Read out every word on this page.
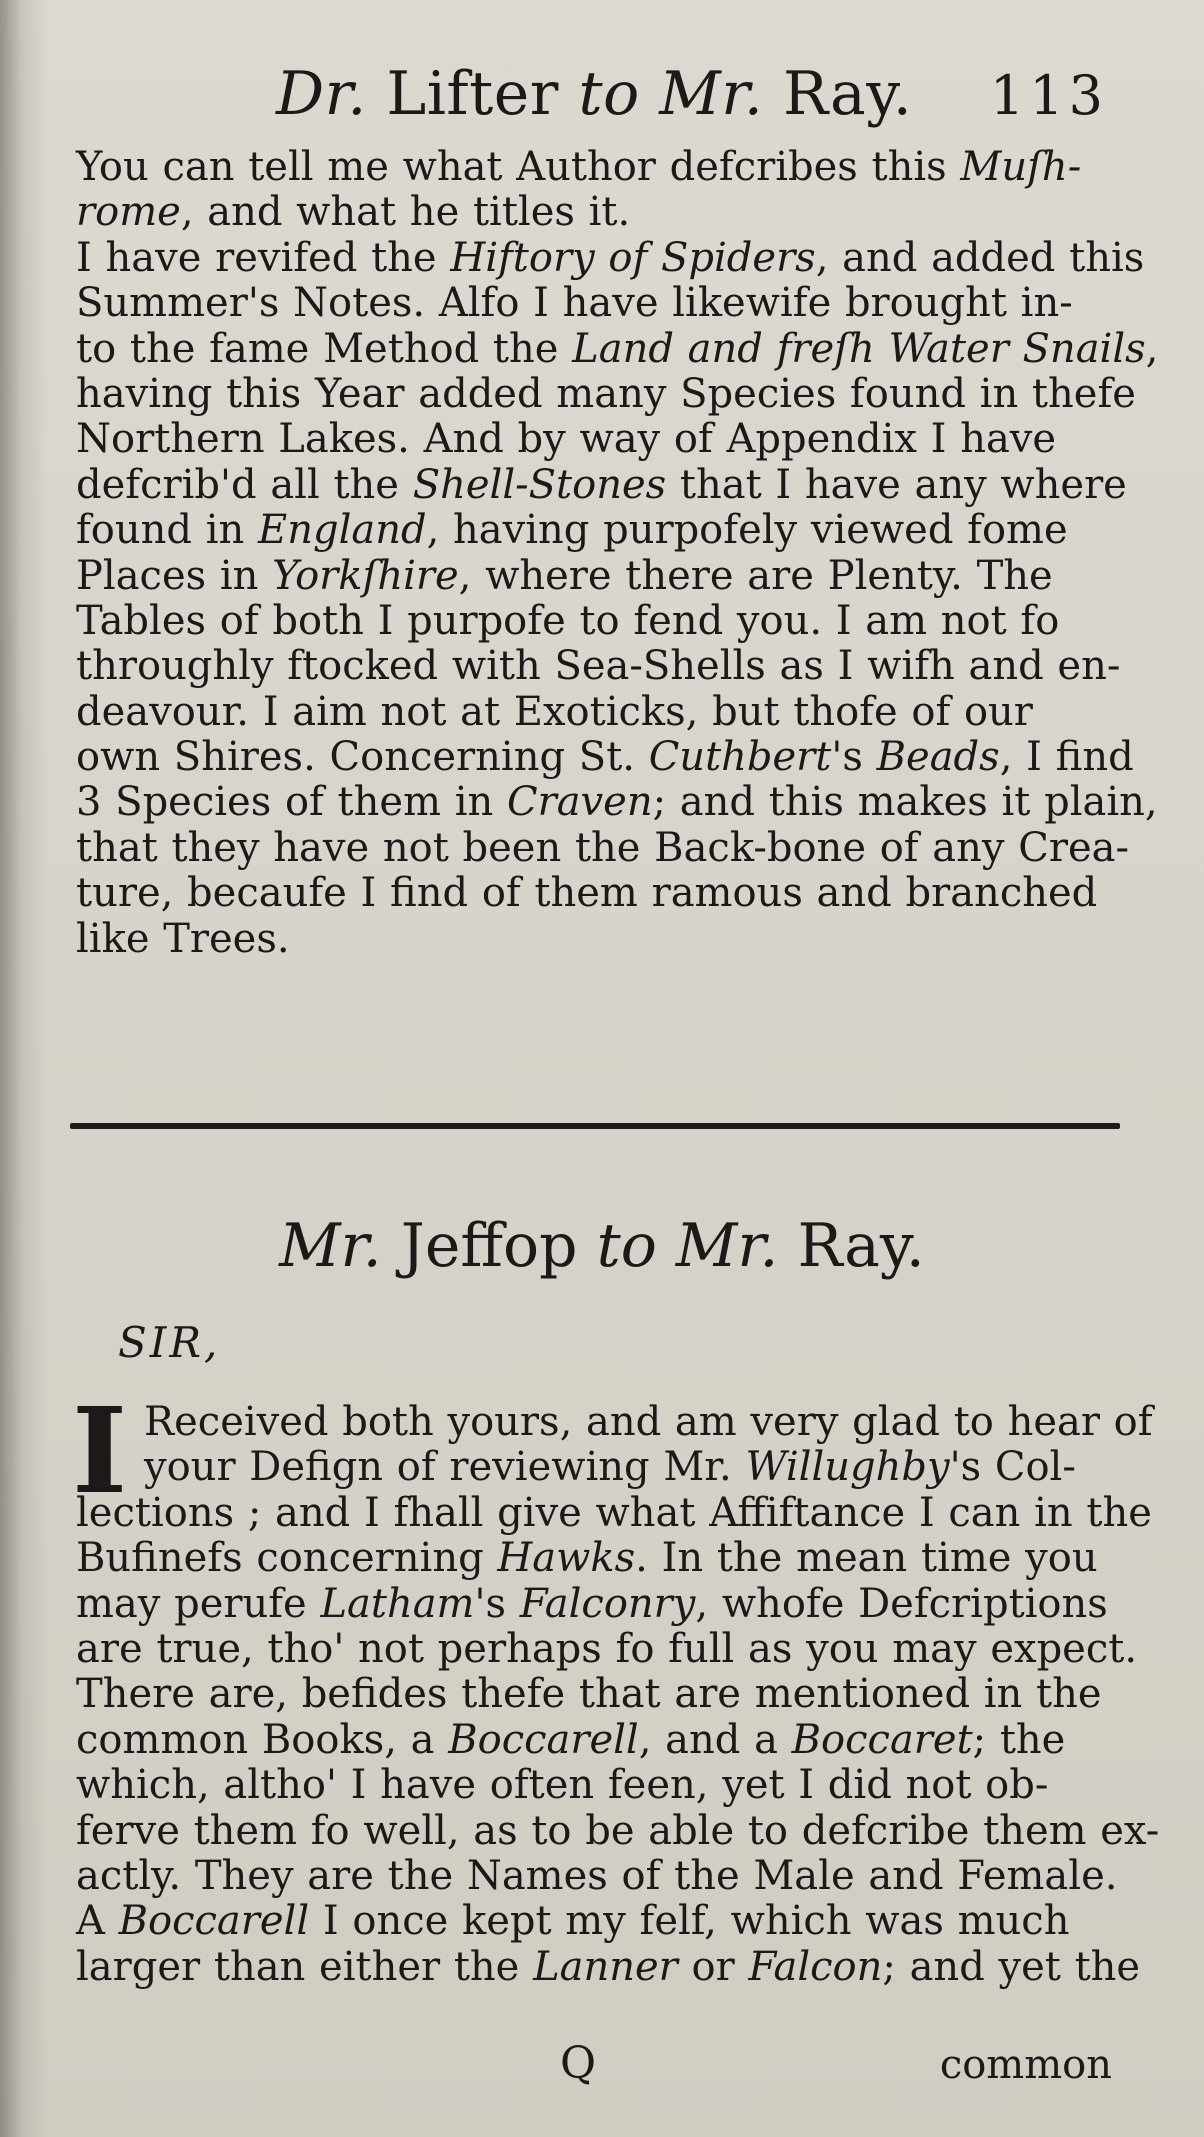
Dr. Lifter to Mr. Ray. 113
You can tell me what Author defcribes this Muſh-
rome, and what he titles it.
I have revifed the Hiftory of Spiders, and added this
Summer's Notes. Alfo I have likewife brought in-
to the fame Method the Land and freſh Water Snails,
having this Year added many Species found in thefe
Northern Lakes. And by way of Appendix I have
defcrib'd all the Shell-Stones that I have any where
found in England, having purpofely viewed fome
Places in Yorkſhire, where there are Plenty. The
Tables of both I purpofe to fend you. I am not fo
throughly ftocked with Sea-Shells as I wifh and en-
deavour. I aim not at Exoticks, but thofe of our
own Shires. Concerning St. Cuthbert's Beads, I find
3 Species of them in Craven; and this makes it plain,
that they have not been the Back-bone of any Crea-
ture, becaufe I find of them ramous and branched
like Trees.
Mr. Jeffop to Mr. Ray.
SIR,
I Received both yours, and am very glad to hear of
your Defign of reviewing Mr. Willughby's Col-
lections ; and I fhall give what Affiftance I can in the
Bufinefs concerning Hawks. In the mean time you
may perufe Latham's Falconry, whofe Defcriptions
are true, tho' not perhaps fo full as you may expect.
There are, befides thefe that are mentioned in the
common Books, a Boccarell, and a Boccaret; the
which, altho' I have often feen, yet I did not ob-
ferve them fo well, as to be able to defcribe them ex-
actly. They are the Names of the Male and Female.
A Boccarell I once kept my felf, which was much
larger than either the Lanner or Falcon; and yet the
Q	common
